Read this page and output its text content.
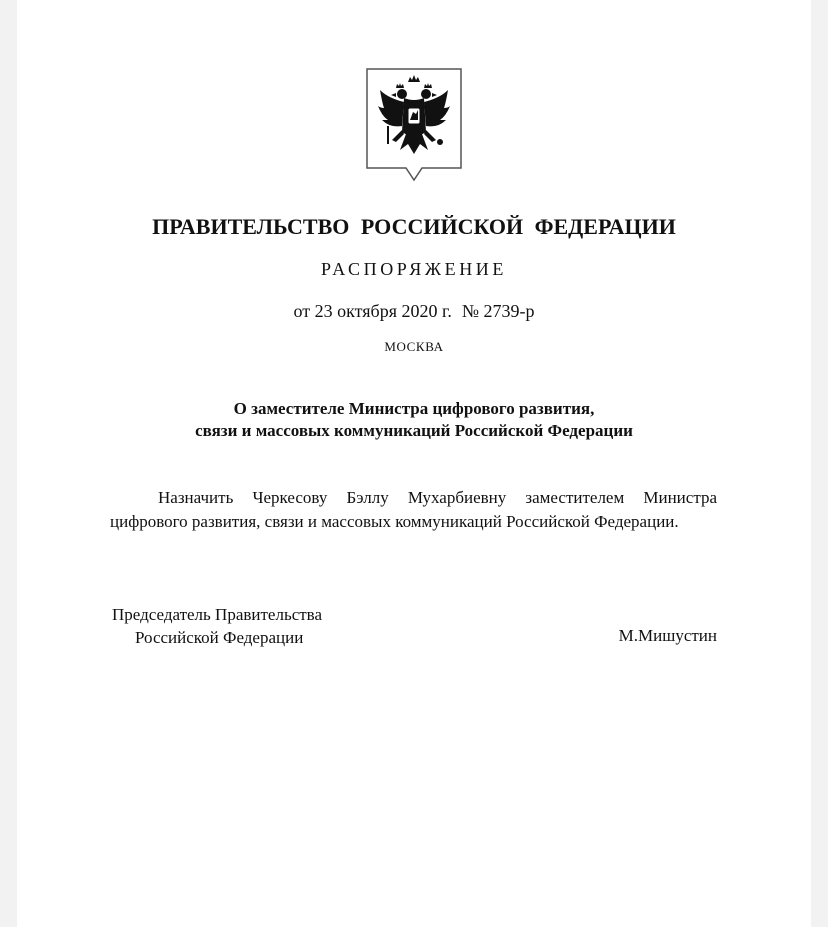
ПРАВИТЕЛЬСТВО РОССИЙСКОЙ ФЕДЕРАЦИИ
РАСПОРЯЖЕНИЕ
от 23 октября 2020 г. № 2739-р
МОСКВА
О заместителе Министра цифрового развития,
связи и массовых коммуникаций Российской Федерации
Назначить Черкесову Бэллу Мухарбиевну заместителем Министра цифрового развития, связи и массовых коммуникаций Российской Федерации.
Председатель Правительства
Российской Федерации	М.Мишустин
